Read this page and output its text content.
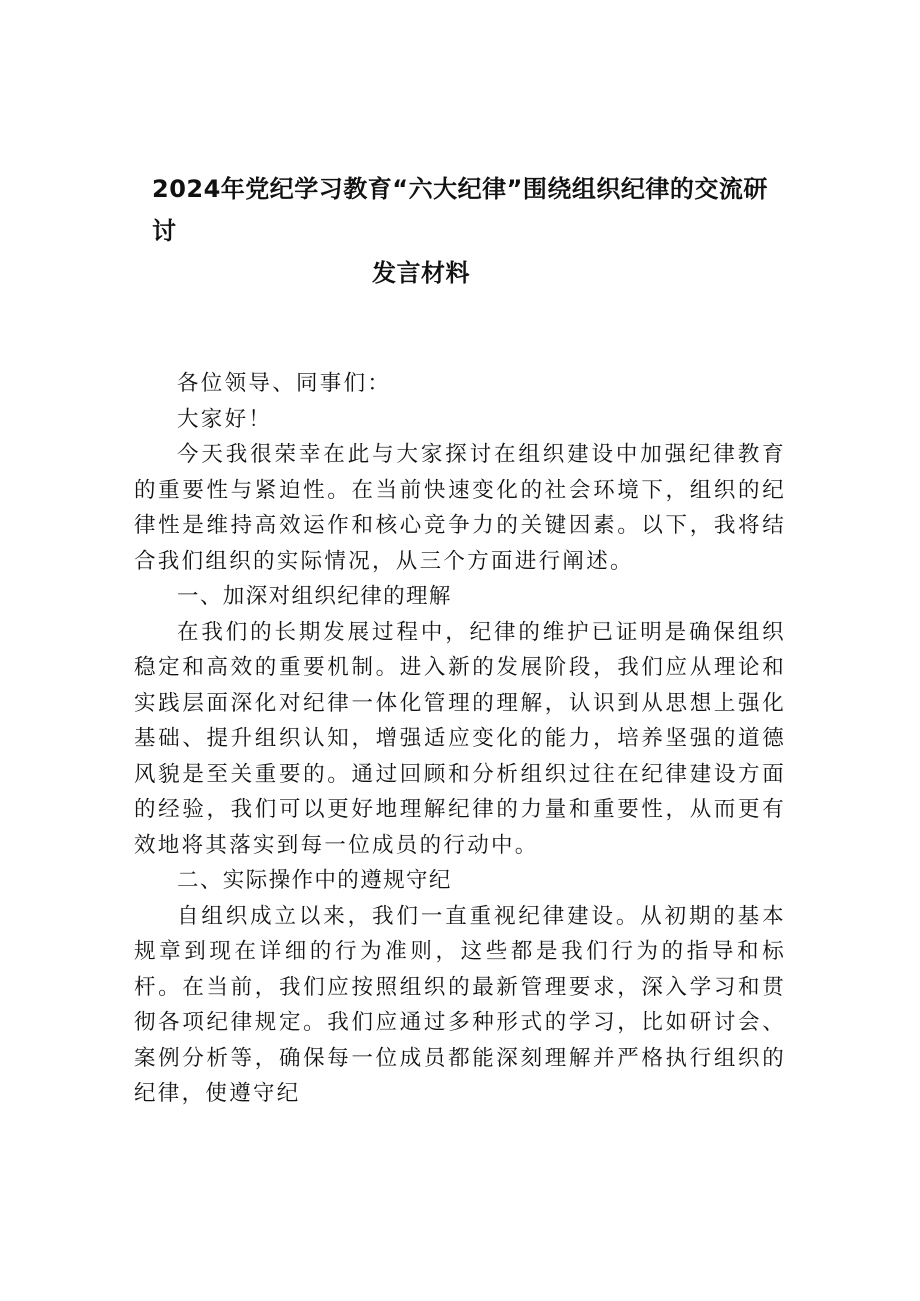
2024年党纪学习教育“六大纪律”围绕组织纪律的交流研讨
发言材料

各位领导、同事们：

大家好！

今天我很荣幸在此与大家探讨在组织建设中加强纪律教育的重要性与紧迫性。在当前快速变化的社会环境下，组织的纪律性是维持高效运作和核心竞争力的关键因素。以下，我将结合我们组织的实际情况，从三个方面进行阐述。

一、加深对组织纪律的理解

在我们的长期发展过程中，纪律的维护已证明是确保组织稳定和高效的重要机制。进入新的发展阶段，我们应从理论和实践层面深化对纪律一体化管理的理解，认识到从思想上强化基础、提升组织认知，增强适应变化的能力，培养坚强的道德风貌是至关重要的。通过回顾和分析组织过往在纪律建设方面的经验，我们可以更好地理解纪律的力量和重要性，从而更有效地将其落实到每一位成员的行动中。

二、实际操作中的遵规守纪

自组织成立以来，我们一直重视纪律建设。从初期的基本规章到现在详细的行为准则，这些都是我们行为的指导和标杆。在当前，我们应按照组织的最新管理要求，深入学习和贯彻各项纪律规定。我们应通过多种形式的学习，比如研讨会、案例分析等，确保每一位成员都能深刻理解并严格执行组织的纪律，使遵守纪
